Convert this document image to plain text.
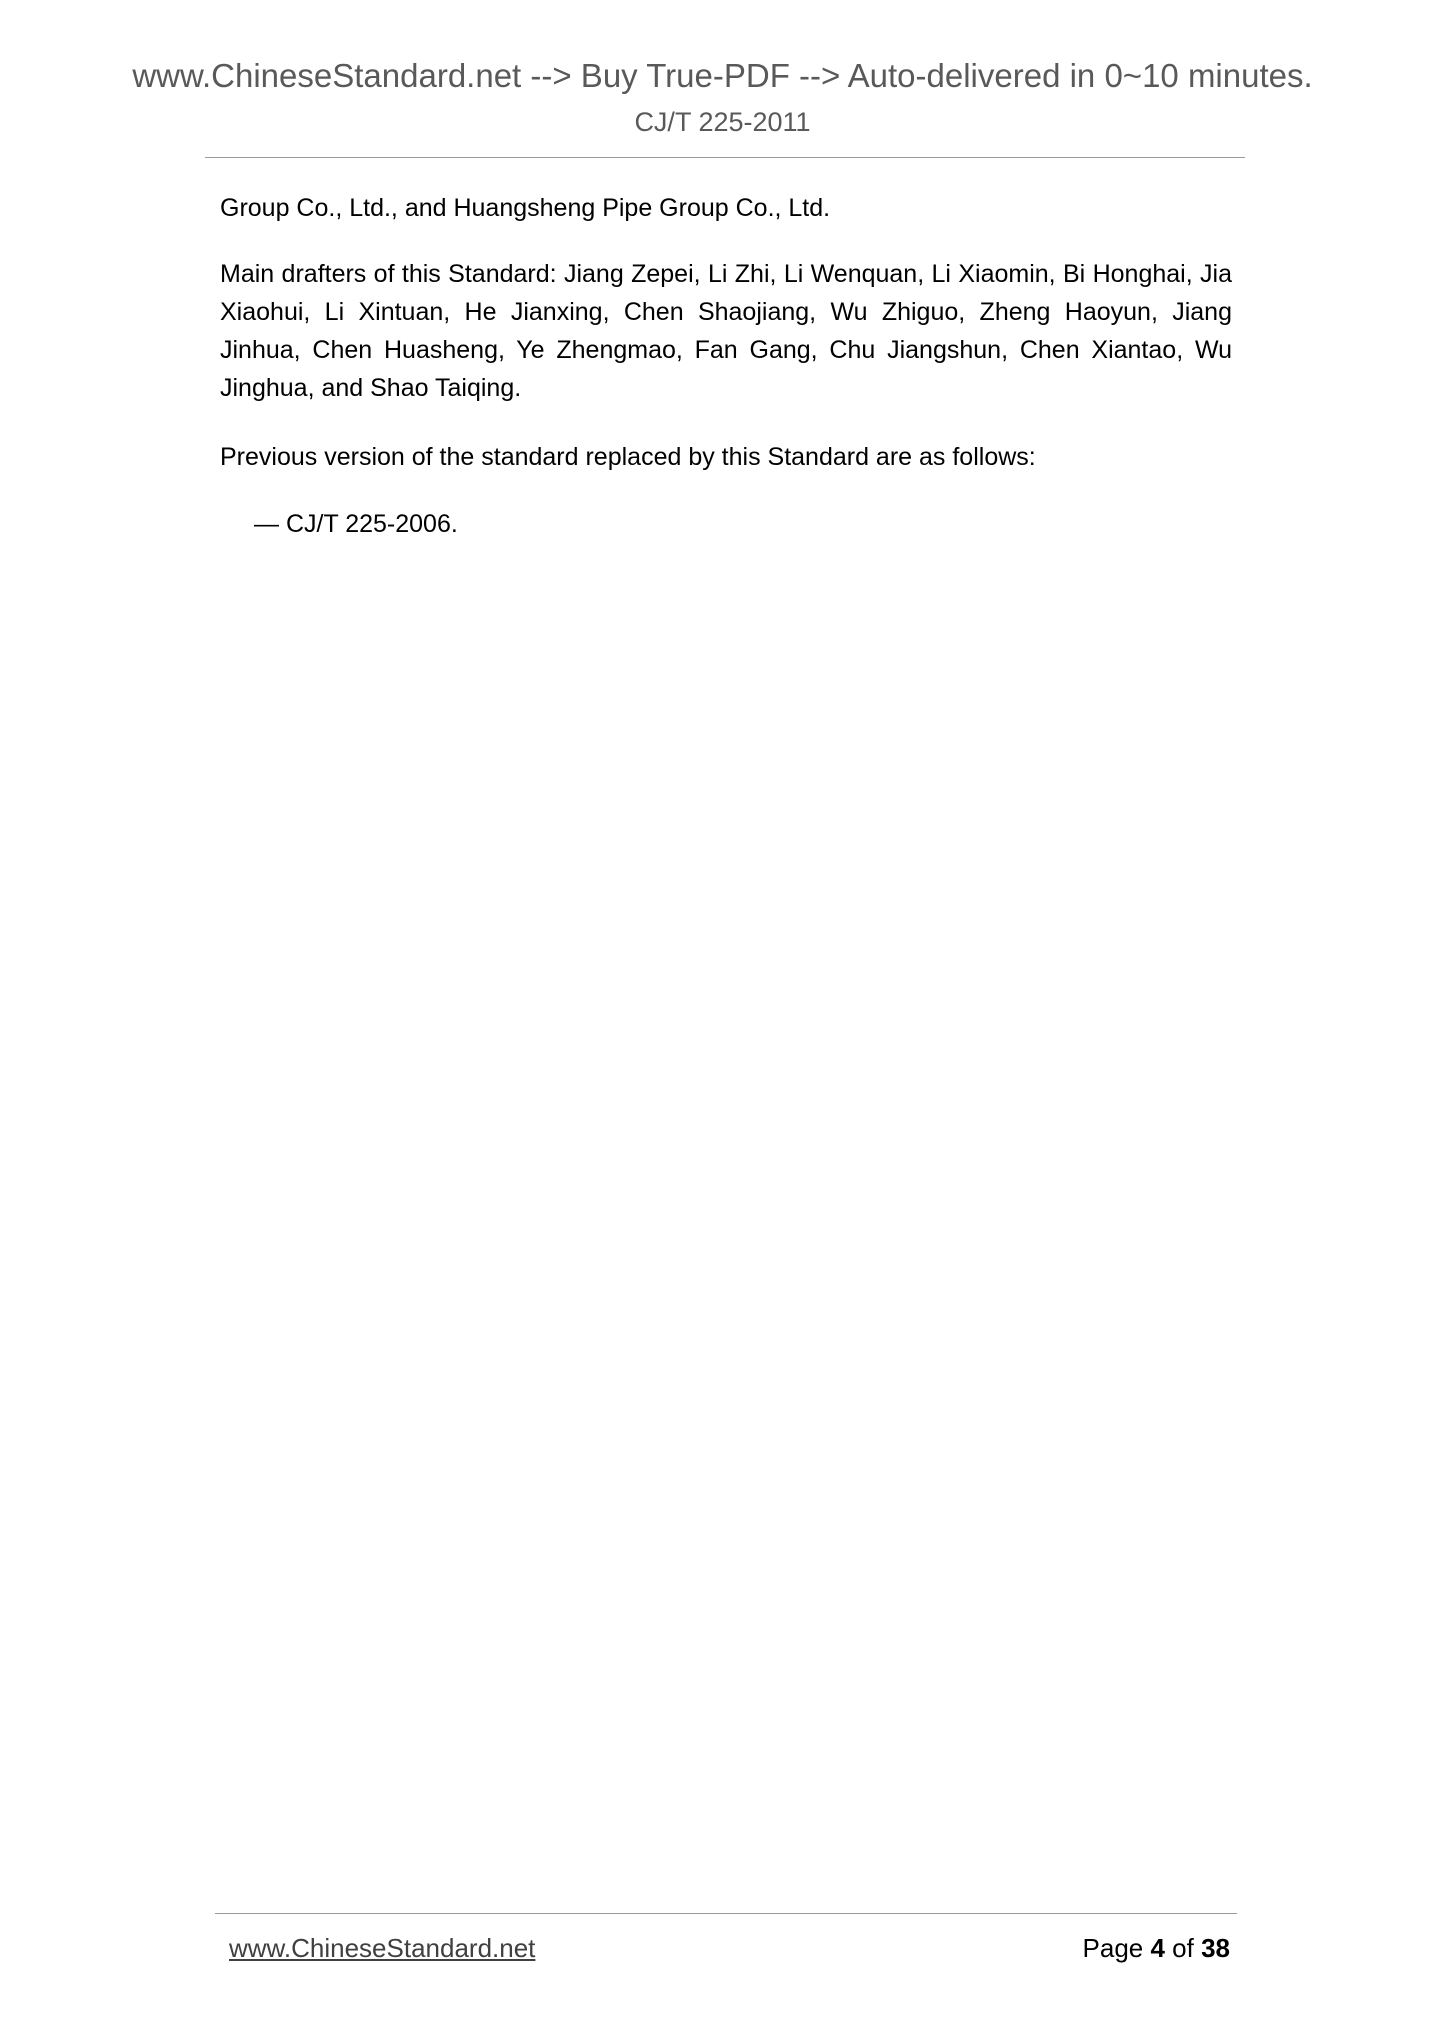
www.ChineseStandard.net --> Buy True-PDF --> Auto-delivered in 0~10 minutes.
CJ/T 225-2011
Group Co., Ltd., and Huangsheng Pipe Group Co., Ltd.
Main drafters of this Standard: Jiang Zepei, Li Zhi, Li Wenquan, Li Xiaomin, Bi Honghai, Jia Xiaohui, Li Xintuan, He Jianxing, Chen Shaojiang, Wu Zhiguo, Zheng Haoyun, Jiang Jinhua, Chen Huasheng, Ye Zhengmao, Fan Gang, Chu Jiangshun, Chen Xiantao, Wu Jinghua, and Shao Taiqing.
Previous version of the standard replaced by this Standard are as follows:
— CJ/T 225-2006.
www.ChineseStandard.net	Page 4 of 38
